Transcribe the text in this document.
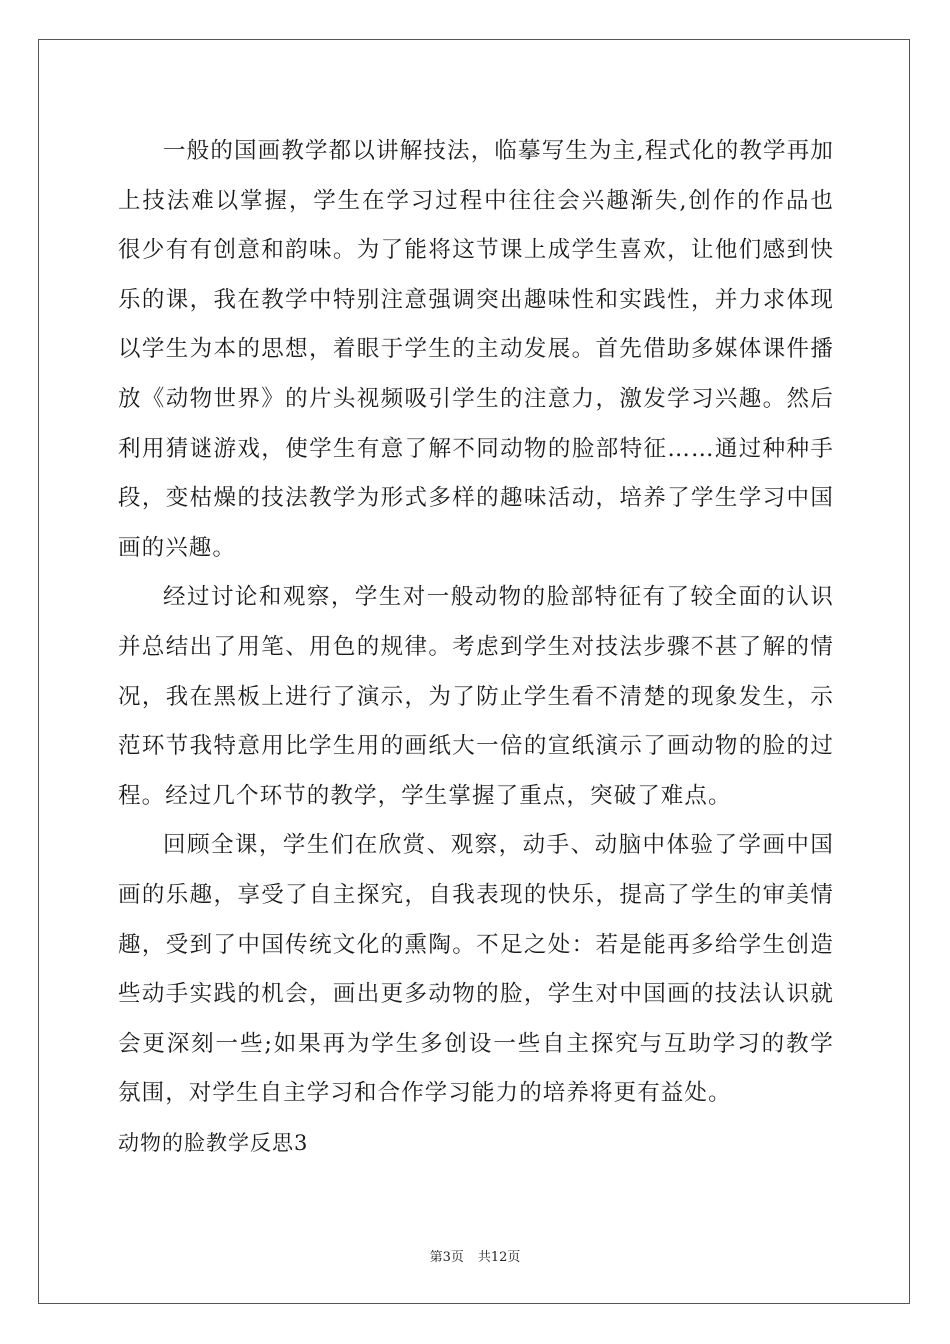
一般的国画教学都以讲解技法，临摹写生为主,程式化的教学再加上技法难以掌握，学生在学习过程中往往会兴趣渐失,创作的作品也很少有有创意和韵味。为了能将这节课上成学生喜欢，让他们感到快乐的课，我在教学中特别注意强调突出趣味性和实践性，并力求体现以学生为本的思想，着眼于学生的主动发展。首先借助多媒体课件播放《动物世界》的片头视频吸引学生的注意力，激发学习兴趣。然后利用猜谜游戏，使学生有意了解不同动物的脸部特征……通过种种手段，变枯燥的技法教学为形式多样的趣味活动，培养了学生学习中国画的兴趣。

经过讨论和观察，学生对一般动物的脸部特征有了较全面的认识并总结出了用笔、用色的规律。考虑到学生对技法步骤不甚了解的情况，我在黑板上进行了演示，为了防止学生看不清楚的现象发生，示范环节我特意用比学生用的画纸大一倍的宣纸演示了画动物的脸的过程。经过几个环节的教学，学生掌握了重点，突破了难点。

回顾全课，学生们在欣赏、观察，动手、动脑中体验了学画中国画的乐趣，享受了自主探究，自我表现的快乐，提高了学生的审美情趣，受到了中国传统文化的熏陶。不足之处：若是能再多给学生创造些动手实践的机会，画出更多动物的脸，学生对中国画的技法认识就会更深刻一些;如果再为学生多创设一些自主探究与互助学习的教学氛围，对学生自主学习和合作学习能力的培养将更有益处。

动物的脸教学反思3

第3页 共12页
